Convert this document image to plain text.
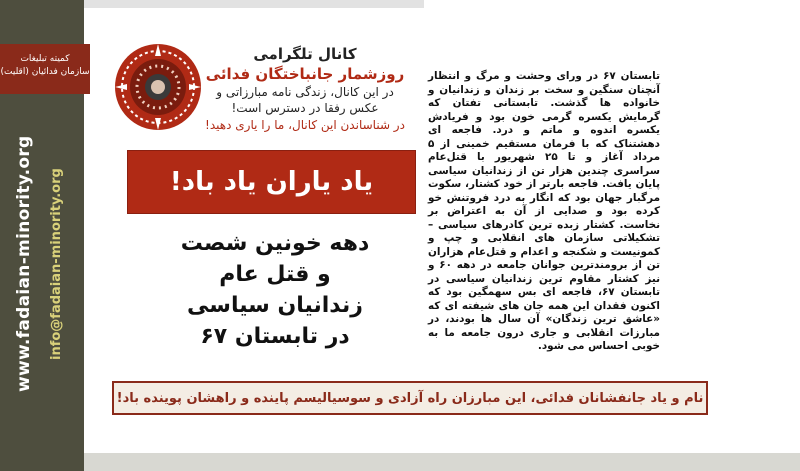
کمیته تبلیغات
سازمان فدائیان (اقلیت)
www.fadaian-minority.org info@fadaian-minority.org
کانال تلگرامی
روزشمار جانباختگان فدائی
در این کانال، زندگی نامه مبارزاتی و
عکس رفقا در دسترس است!
در شناساندن این کانال، ما را یاری دهید!
یاد یاران یاد باد!
دهه خونین شصت
و قتل عام
زندانیان سیاسی
در تابستان ۶۷
تابستان ۶۷ در ورای وحشت و مرگ و انتظار آنچنان سنگین و سخت بر زندان و زندانیان و خانواده ها گذشت. تابستانی تفتان که گرمایش یکسره گرمی خون بود و فریادش یکسره اندوه و ماتم و درد. فاجعه ای دهشتناک که با فرمان مستقیم خمینی از ۵ مرداد آغاز و تا ۲۵ شهریور با قتل‌عام سراسری چندین هزار تن از زندانیان سیاسی پایان یافت. فاجعه بارتر از خود کشتار، سکوت مرگبار جهان بود که انگار به درد فروتنش خو کرده بود و صدایی از آن به اعتراض بر نخاست. کشتار زبده ترین کادرهای سیاسی – تشکیلاتی سازمان های انقلابی و چپ و کمونیست و شکنجه و اعدام و قتل‌عام هزاران تن از برومندترین جوانان جامعه در دهه ۶۰ و نیز کشتار مقاوم ترین زندانیان سیاسی در تابستان ۶۷، فاجعه ای بس سهمگین بود که اکنون فقدان این همه جان های شیفته ای که «عاشق ترین زندگان» آن سال ها بودند، در مبارزات انقلابی و جاری درون جامعه ما به خوبی احساس می شود.
نام و یاد جانفشانان فدائی، این مبارزان راه آزادی و سوسیالیسم پاینده و راهشان پوینده باد!
